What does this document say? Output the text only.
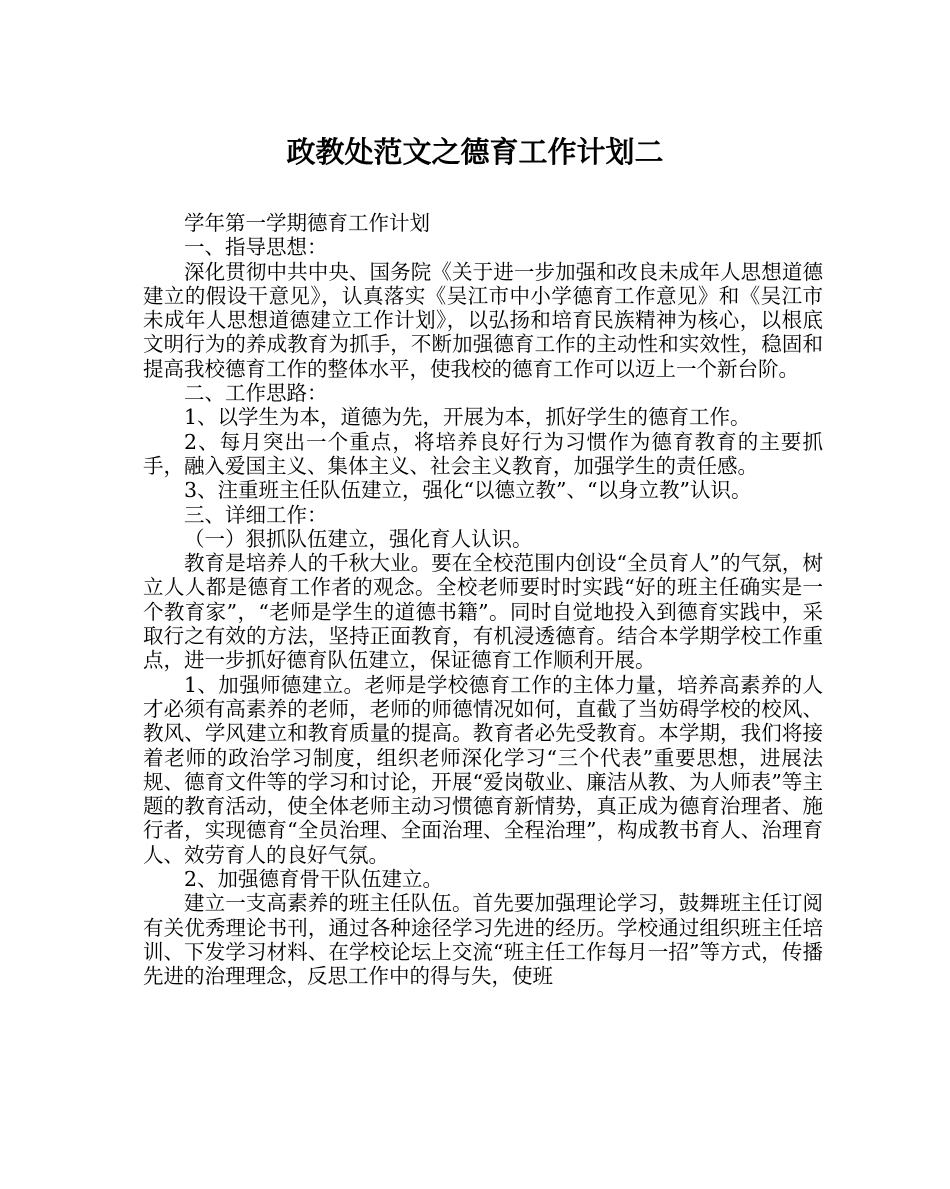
政教处范文之德育工作计划二

学年第一学期德育工作计划

一、指导思想：

深化贯彻中共中央、国务院《关于进一步加强和改良未成年人思想道德建立的假设干意见》，认真落实《吴江市中小学德育工作意见》和《吴江市未成年人思想道德建立工作计划》，以弘扬和培育民族精神为核心，以根底文明行为的养成教育为抓手，不断加强德育工作的主动性和实效性，稳固和提高我校德育工作的整体水平，使我校的德育工作可以迈上一个新台阶。

二、工作思路：

1、以学生为本，道德为先，开展为本，抓好学生的德育工作。

2、每月突出一个重点，将培养良好行为习惯作为德育教育的主要抓手，融入爱国主义、集体主义、社会主义教育，加强学生的责任感。

3、注重班主任队伍建立，强化“以德立教”、“以身立教”认识。

三、详细工作：

（一）狠抓队伍建立，强化育人认识。

教育是培养人的千秋大业。要在全校范围内创设“全员育人”的气氛，树立人人都是德育工作者的观念。全校老师要时时实践“好的班主任确实是一个教育家”，“老师是学生的道德书籍”。同时自觉地投入到德育实践中，采取行之有效的方法，坚持正面教育，有机浸透德育。结合本学期学校工作重点，进一步抓好德育队伍建立，保证德育工作顺利开展。

1、加强师德建立。老师是学校德育工作的主体力量，培养高素养的人才必须有高素养的老师，老师的师德情况如何，直截了当妨碍学校的校风、教风、学风建立和教育质量的提高。教育者必先受教育。本学期，我们将接着老师的政治学习制度，组织老师深化学习“三个代表”重要思想，进展法规、德育文件等的学习和讨论，开展“爱岗敬业、廉洁从教、为人师表”等主题的教育活动，使全体老师主动习惯德育新情势，真正成为德育治理者、施行者，实现德育“全员治理、全面治理、全程治理”，构成教书育人、治理育人、效劳育人的良好气氛。

2、加强德育骨干队伍建立。

建立一支高素养的班主任队伍。首先要加强理论学习，鼓舞班主任订阅有关优秀理论书刊，通过各种途径学习先进的经历。学校通过组织班主任培训、下发学习材料、在学校论坛上交流“班主任工作每月一招”等方式，传播先进的治理理念，反思工作中的得与失，使班
